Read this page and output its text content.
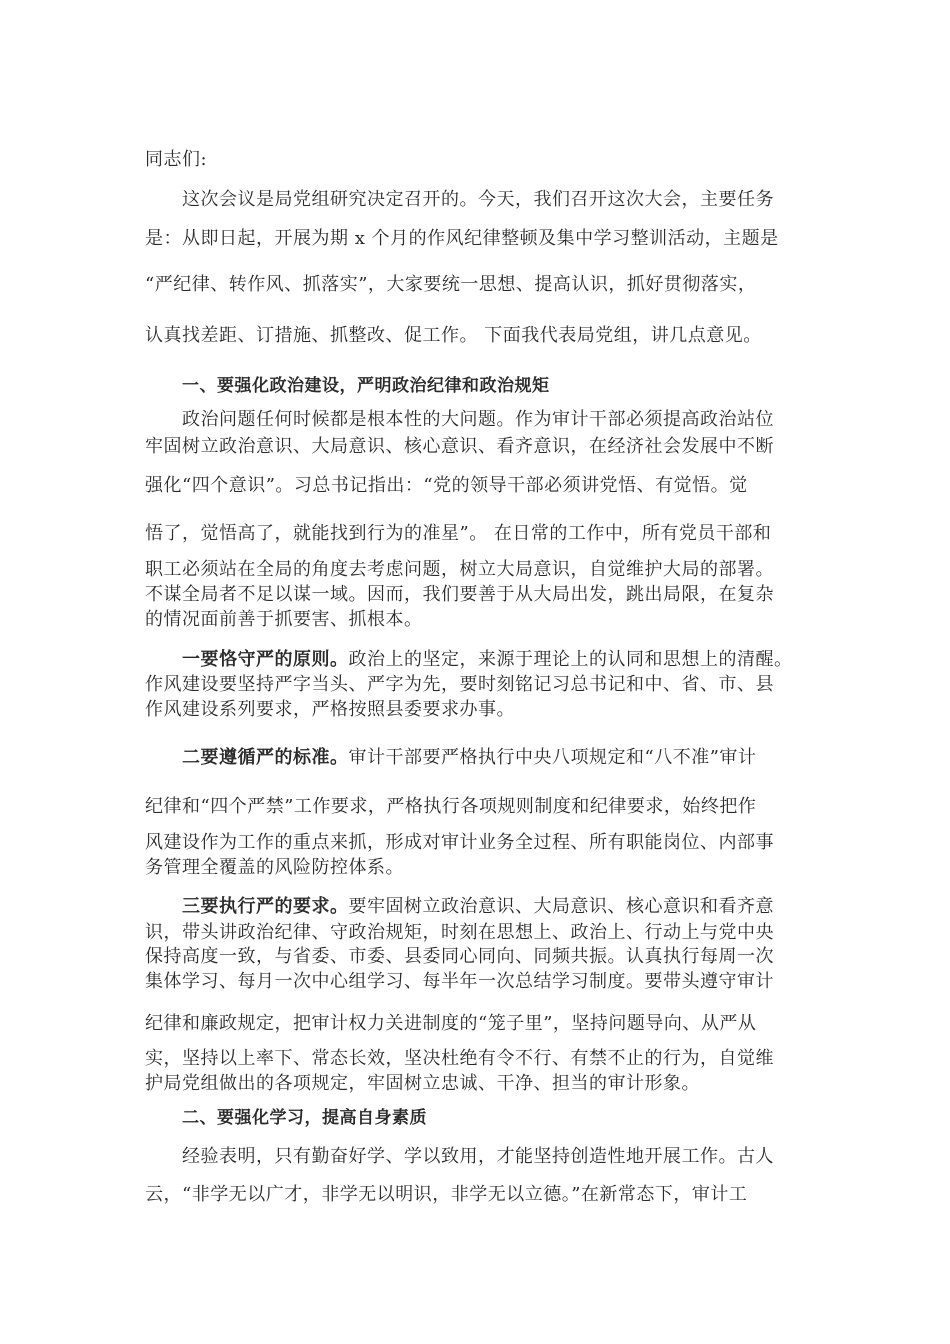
同志们:
这次会议是局党组研究决定召开的。今天，我们召开这次大会，主要任务
是：从即日起，开展为期 x 个月的作风纪律整顿及集中学习整训活动，主题是
“严纪律、转作风、抓落实”，大家要统一思想、提高认识，抓好贯彻落实，
认真找差距、订措施、抓整改、促工作。 下面我代表局党组，讲几点意见。
一、要强化政治建设，严明政治纪律和政治规矩
政治问题任何时候都是根本性的大问题。作为审计干部必须提高政治站位
牢固树立政治意识、大局意识、核心意识、看齐意识，在经济社会发展中不断
强化“四个意识”。习总书记指出：“党的领导干部必须讲党悟、有觉悟。觉
悟了，觉悟高了，就能找到行为的准星”。 在日常的工作中，所有党员干部和
职工必须站在全局的角度去考虑问题，树立大局意识，自觉维护大局的部署。
不谋全局者不足以谋一域。因而，我们要善于从大局出发，跳出局限，在复杂
的情况面前善于抓要害、抓根本。
一要恪守严的原则。政治上的坚定，来源于理论上的认同和思想上的清醒。
作风建设要坚持严字当头、严字为先，要时刻铭记习总书记和中、省、市、县
作风建设系列要求，严格按照县委要求办事。
二要遵循严的标准。审计干部要严格执行中央八项规定和“八不准”审计
纪律和“四个严禁”工作要求，严格执行各项规则制度和纪律要求，始终把作
风建设作为工作的重点来抓，形成对审计业务全过程、所有职能岗位、内部事
务管理全覆盖的风险防控体系。
三要执行严的要求。要牢固树立政治意识、大局意识、核心意识和看齐意
识，带头讲政治纪律、守政治规矩，时刻在思想上、政治上、行动上与党中央
保持高度一致，与省委、市委、县委同心同向、同频共振。认真执行每周一次
集体学习、每月一次中心组学习、每半年一次总结学习制度。要带头遵守审计
纪律和廉政规定，把审计权力关进制度的“笼子里”，坚持问题导向、从严从
实，坚持以上率下、常态长效，坚决杜绝有令不行、有禁不止的行为，自觉维
护局党组做出的各项规定，牢固树立忠诚、干净、担当的审计形象。
二、要强化学习，提高自身素质
经验表明，只有勤奋好学、学以致用，才能坚持创造性地开展工作。古人
云，“非学无以广才，非学无以明识，非学无以立德。”在新常态下，审计工
